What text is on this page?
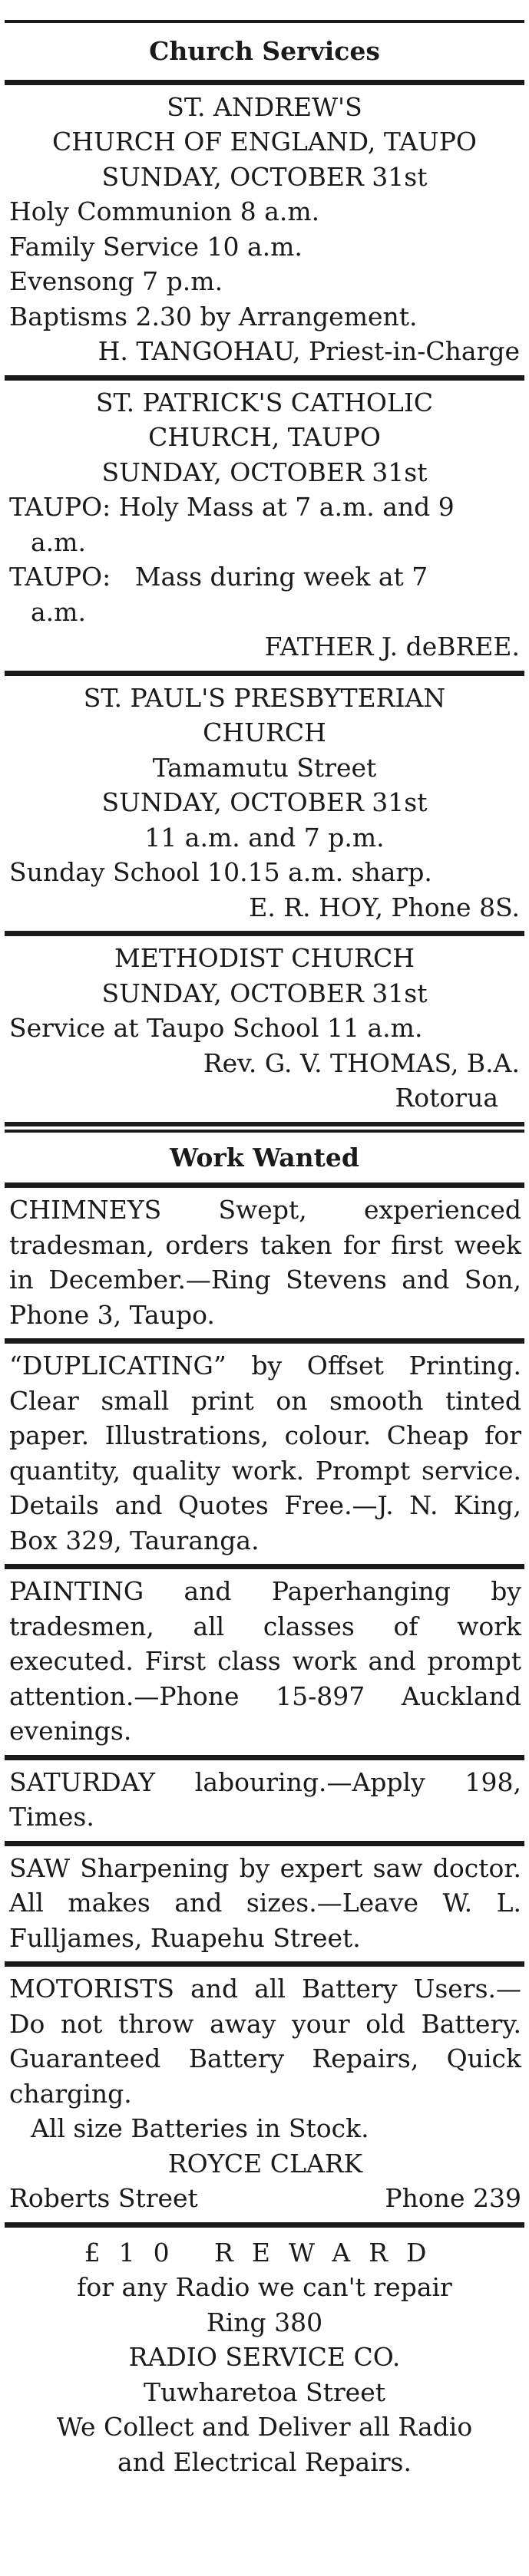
Church Services

ST. ANDREW'S

CHURCH OF ENGLAND, TAUPO

SUNDAY, OCTOBER 31st

Holy Communion 8 a.m.

Family Service 10 a.m.

Evensong 7 p.m.

Baptisms 2.30 by Arrangement.

H. TANGOHAU, Priest-in-Charge

ST. PATRICK'S CATHOLIC

CHURCH, TAUPO

SUNDAY, OCTOBER 31st

TAUPO: Holy Mass at 7 a.m. and 9

a.m.

TAUPO:   Mass during week at 7

a.m.

FATHER J. deBREE.

ST. PAUL'S PRESBYTERIAN

CHURCH

Tamamutu Street

SUNDAY, OCTOBER 31st

11 a.m. and 7 p.m.

Sunday School 10.15 a.m. sharp.

E. R. HOY, Phone 8S.

METHODIST CHURCH

SUNDAY, OCTOBER 31st

Service at Taupo School 11 a.m.

Rev. G. V. THOMAS, B.A.

Rotorua

Work Wanted

CHIMNEYS Swept, experienced tradesman, orders taken for first week in December.—Ring Stevens and Son, Phone 3, Taupo.

“DUPLICATING” by Offset Printing. Clear small print on smooth tinted paper. Illustrations, colour. Cheap for quantity, quality work. Prompt service. Details and Quotes Free.—J. N. King, Box 329, Tauranga.

PAINTING and Paperhanging by tradesmen, all classes of work executed. First class work and prompt attention.—Phone 15-897 Auckland evenings.

SATURDAY labouring.—Apply 198, Times.

SAW Sharpening by expert saw doctor. All makes and sizes.—Leave W. L. Fulljames, Ruapehu Street.

MOTORISTS and all Battery Users.—Do not throw away your old Battery. Guaranteed Battery Repairs, Quick charging.

All size Batteries in Stock.

ROYCE CLARK

Roberts Street	Phone 239

£10 REWARD

for any Radio we can't repair

Ring 380

RADIO SERVICE CO.

Tuwharetoa Street

We Collect and Deliver all Radio

and Electrical Repairs.
